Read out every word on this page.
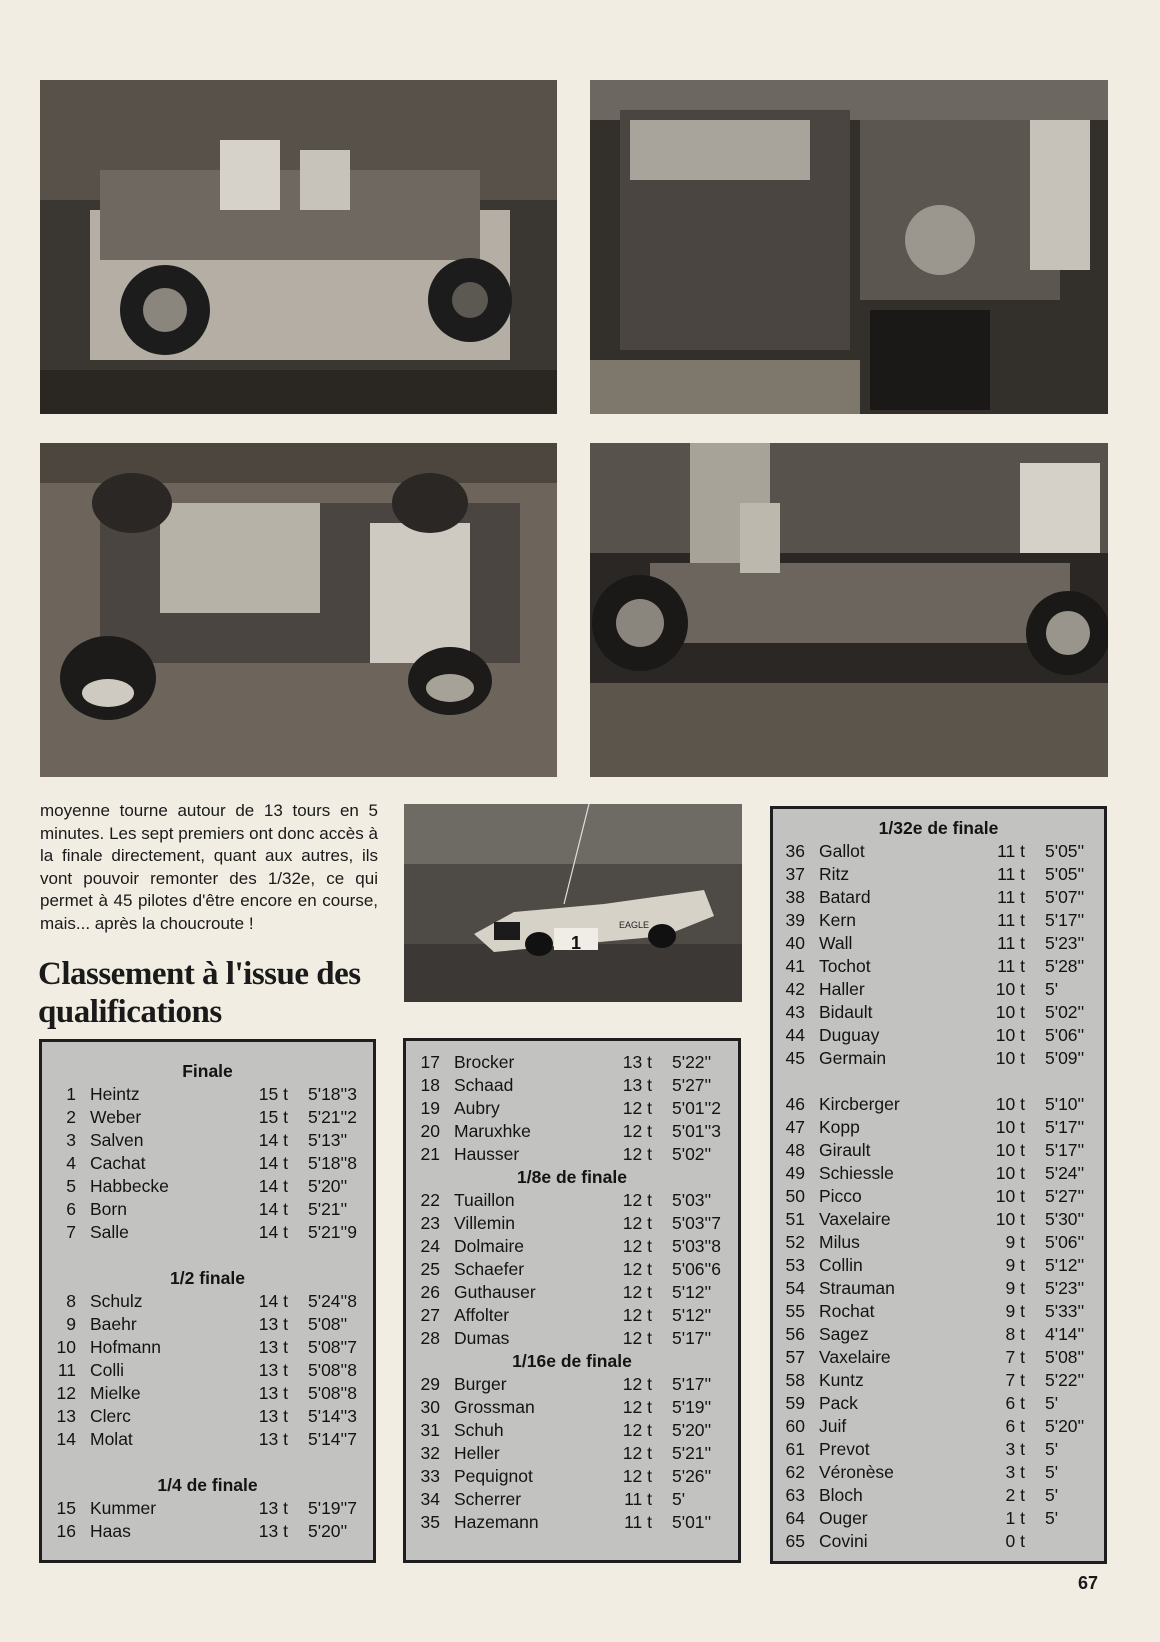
1
EAGLE
moyenne tourne autour de 13 tours en 5 minutes. Les sept premiers ont donc accès à la finale directement, quant aux autres, ils vont pouvoir remonter des 1/32e, ce qui permet à 45 pilotes d'être encore en course, mais... après la choucroute !
Classement à l'issue des qualifications
Finale
1 Heintz	15 t	5'18''3
2 Weber	15 t	5'21''2
3 Salven	14 t	5'13''
4 Cachat	14 t	5'18''8
5 Habbecke	14 t	5'20''
6 Born	14 t	5'21''
7 Salle	14 t	5'21''9
1/2 finale
8 Schulz	14 t	5'24''8
9 Baehr	13 t	5'08''
10 Hofmann	13 t	5'08''7
11 Colli	13 t	5'08''8
12 Mielke	13 t	5'08''8
13 Clerc	13 t	5'14''3
14 Molat	13 t	5'14''7
1/4 de finale
15 Kummer	13 t	5'19''7
16 Haas	13 t	5'20''
17 Brocker	13 t	5'22''
18 Schaad	13 t	5'27''
19 Aubry	12 t	5'01''2
20 Maruxhke	12 t	5'01''3
21 Hausser	12 t	5'02''
1/8e de finale
22 Tuaillon	12 t	5'03''
23 Villemin	12 t	5'03''7
24 Dolmaire	12 t	5'03''8
25 Schaefer	12 t	5'06''6
26 Guthauser	12 t	5'12''
27 Affolter	12 t	5'12''
28 Dumas	12 t	5'17''
1/16e de finale
29 Burger	12 t	5'17''
30 Grossman	12 t	5'19''
31 Schuh	12 t	5'20''
32 Heller	12 t	5'21''
33 Pequignot	12 t	5'26''
34 Scherrer	11 t	5'
35 Hazemann	11 t	5'01''
1/32e de finale
36 Gallot	11 t	5'05''
37 Ritz	11 t	5'05''
38 Batard	11 t	5'07''
39 Kern	11 t	5'17''
40 Wall	11 t	5'23''
41 Tochot	11 t	5'28''
42 Haller	10 t	5'
43 Bidault	10 t	5'02''
44 Duguay	10 t	5'06''
45 Germain	10 t	5'09''
46 Kircberger	10 t	5'10''
47 Kopp	10 t	5'17''
48 Girault	10 t	5'17''
49 Schiessle	10 t	5'24''
50 Picco	10 t	5'27''
51 Vaxelaire	10 t	5'30''
52 Milus	9 t	5'06''
53 Collin	9 t	5'12''
54 Strauman	9 t	5'23''
55 Rochat	9 t	5'33''
56 Sagez	8 t	4'14''
57 Vaxelaire	7 t	5'08''
58 Kuntz	7 t	5'22''
59 Pack	6 t	5'
60 Juif	6 t	5'20''
61 Prevot	3 t	5'
62 Véronèse	3 t	5'
63 Bloch	2 t	5'
64 Ouger	1 t	5'
65 Covini	0 t
67
